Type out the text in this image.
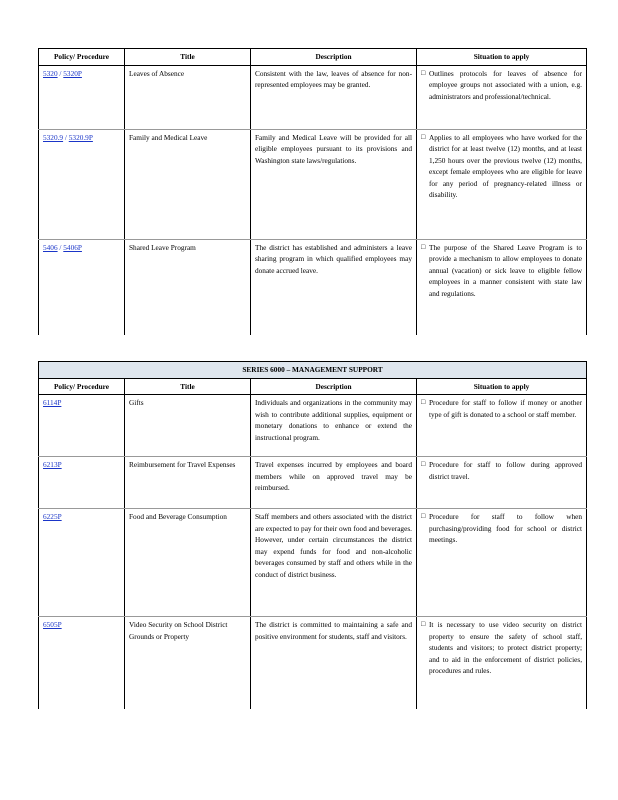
Policy/ Procedure	Title	Description	Situation to apply
5320 / 5320P	Leaves of Absence	Consistent with the law, leaves of absence for non-represented employees may be granted.	□ Outlines protocols for leaves of absence for employee groups not associated with a union, e.g. administrators and professional/technical.

5320.9 / 5320.9P	Family and Medical Leave	Family and Medical Leave will be provided for all eligible employees pursuant to its provisions and Washington state laws/regulations.	□ Applies to all employees who have worked for the district for at least twelve (12) months, and at least 1,250 hours over the previous twelve (12) months, except female employees who are eligible for leave for any period of pregnancy-related illness or disability.

5406 / 5406P	Shared Leave Program	The district has established and administers a leave sharing program in which qualified employees may donate accrued leave.	□ The purpose of the Shared Leave Program is to provide a mechanism to allow employees to donate annual (vacation) or sick leave to eligible fellow employees in a manner consistent with state law and regulations.
SERIES 6000 – MANAGEMENT SUPPORT			
Policy/ Procedure	Title	Description	Situation to apply
6114P	Gifts	Individuals and organizations in the community may wish to contribute additional supplies, equipment or monetary donations to enhance or extend the instructional program.	□ Procedure for staff to follow if money or another type of gift is donated to a school or staff member.

6213P	Reimbursement for Travel Expenses	Travel expenses incurred by employees and board members while on approved travel may be reimbursed.	□ Procedure for staff to follow during approved district travel.

6225P	Food and Beverage Consumption	Staff members and others associated with the district are expected to pay for their own food and beverages. However, under certain circumstances the district may expend funds for food and non-alcoholic beverages consumed by staff and others while in the conduct of district business.	□ Procedure for staff to follow when purchasing/providing food for school or district meetings.

6505P	Video Security on School District Grounds or Property	The district is committed to maintaining a safe and positive environment for students, staff and visitors.	□ It is necessary to use video security on district property to ensure the safety of school staff, students and visitors; to protect district property; and to aid in the enforcement of district policies, procedures and rules.
